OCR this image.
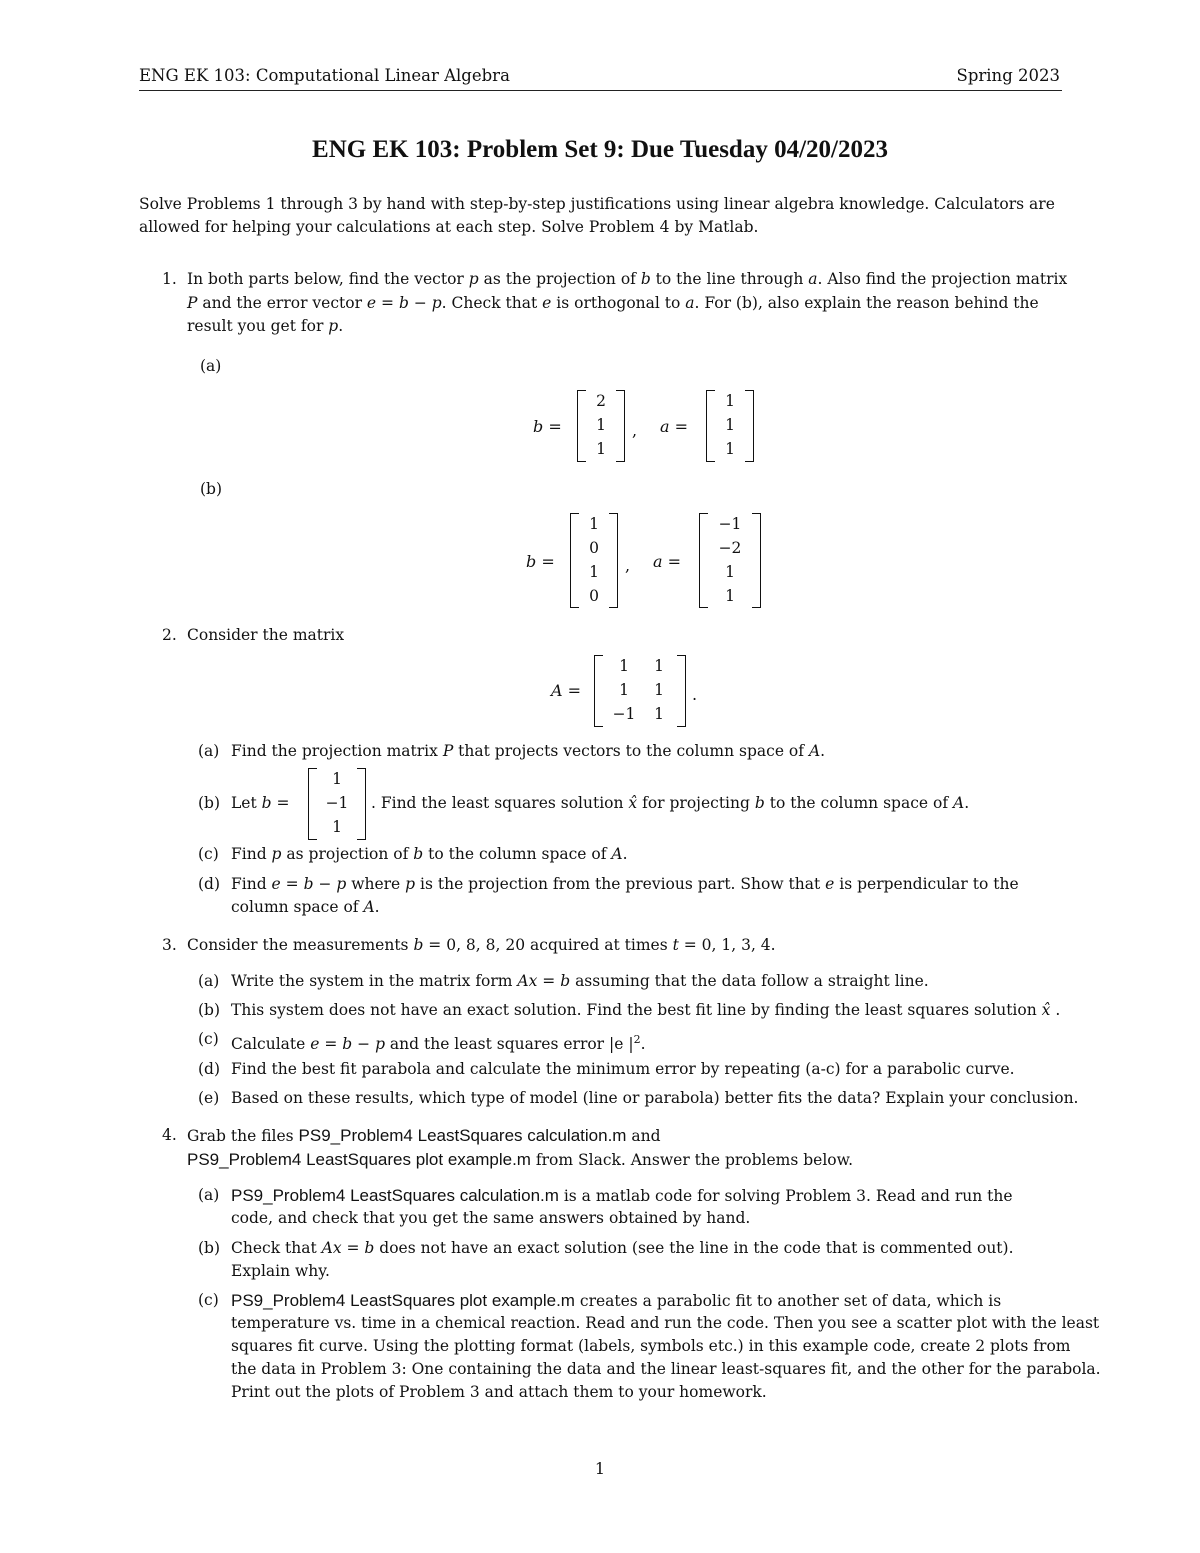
ENG EK 103: Computational Linear Algebra	Spring 2023
ENG EK 103: Problem Set 9: Due Tuesday 04/20/2023
Solve Problems 1 through 3 by hand with step-by-step justifications using linear algebra knowledge. Calculators are
allowed for helping your calculations at each step. Solve Problem 4 by Matlab.
1. In both parts below, find the vector p as the projection of b to the line through a. Also find the projection matrix
P and the error vector e = b − p. Check that e is orthogonal to a. For (b), also explain the reason behind the
result you get for p.
(a)
b =
2
1
1
, a =
1
1
1
(b)
b =
1
0
1
0
, a =
−1
−2
1
1
2. Consider the matrix
A =
1	1
1	1
−1	1
.
(a) Find the projection matrix P that projects vectors to the column space of A.
(b) Let b =
1
−1
1
. Find the least squares solution x̂ for projecting b to the column space of A.
(c) Find p as projection of b to the column space of A.
(d) Find e = b − p where p is the projection from the previous part. Show that e is perpendicular to the
column space of A.
3. Consider the measurements b = 0, 8, 8, 20 acquired at times t = 0, 1, 3, 4.
(a) Write the system in the matrix form Ax = b assuming that the data follow a straight line.
(b) This system does not have an exact solution. Find the best fit line by finding the least squares solution x̂ .
(c) Calculate e = b − p and the least squares error |e $|^2$.
(d) Find the best fit parabola and calculate the minimum error by repeating (a-c) for a parabolic curve.
(e) Based on these results, which type of model (line or parabola) better fits the data? Explain your conclusion.
4. Grab the files PS9_Problem4 LeastSquares calculation.m and
PS9_Problem4 LeastSquares plot example.m from Slack. Answer the problems below.
(a) PS9_Problem4 LeastSquares calculation.m is a matlab code for solving Problem 3. Read and run the
code, and check that you get the same answers obtained by hand.
(b) Check that Ax = b does not have an exact solution (see the line in the code that is commented out).
Explain why.
(c) PS9_Problem4 LeastSquares plot example.m creates a parabolic fit to another set of data, which is
temperature vs. time in a chemical reaction. Read and run the code. Then you see a scatter plot with the least
squares fit curve. Using the plotting format (labels, symbols etc.) in this example code, create 2 plots from
the data in Problem 3: One containing the data and the linear least-squares fit, and the other for the parabola.
Print out the plots of Problem 3 and attach them to your homework.
1
